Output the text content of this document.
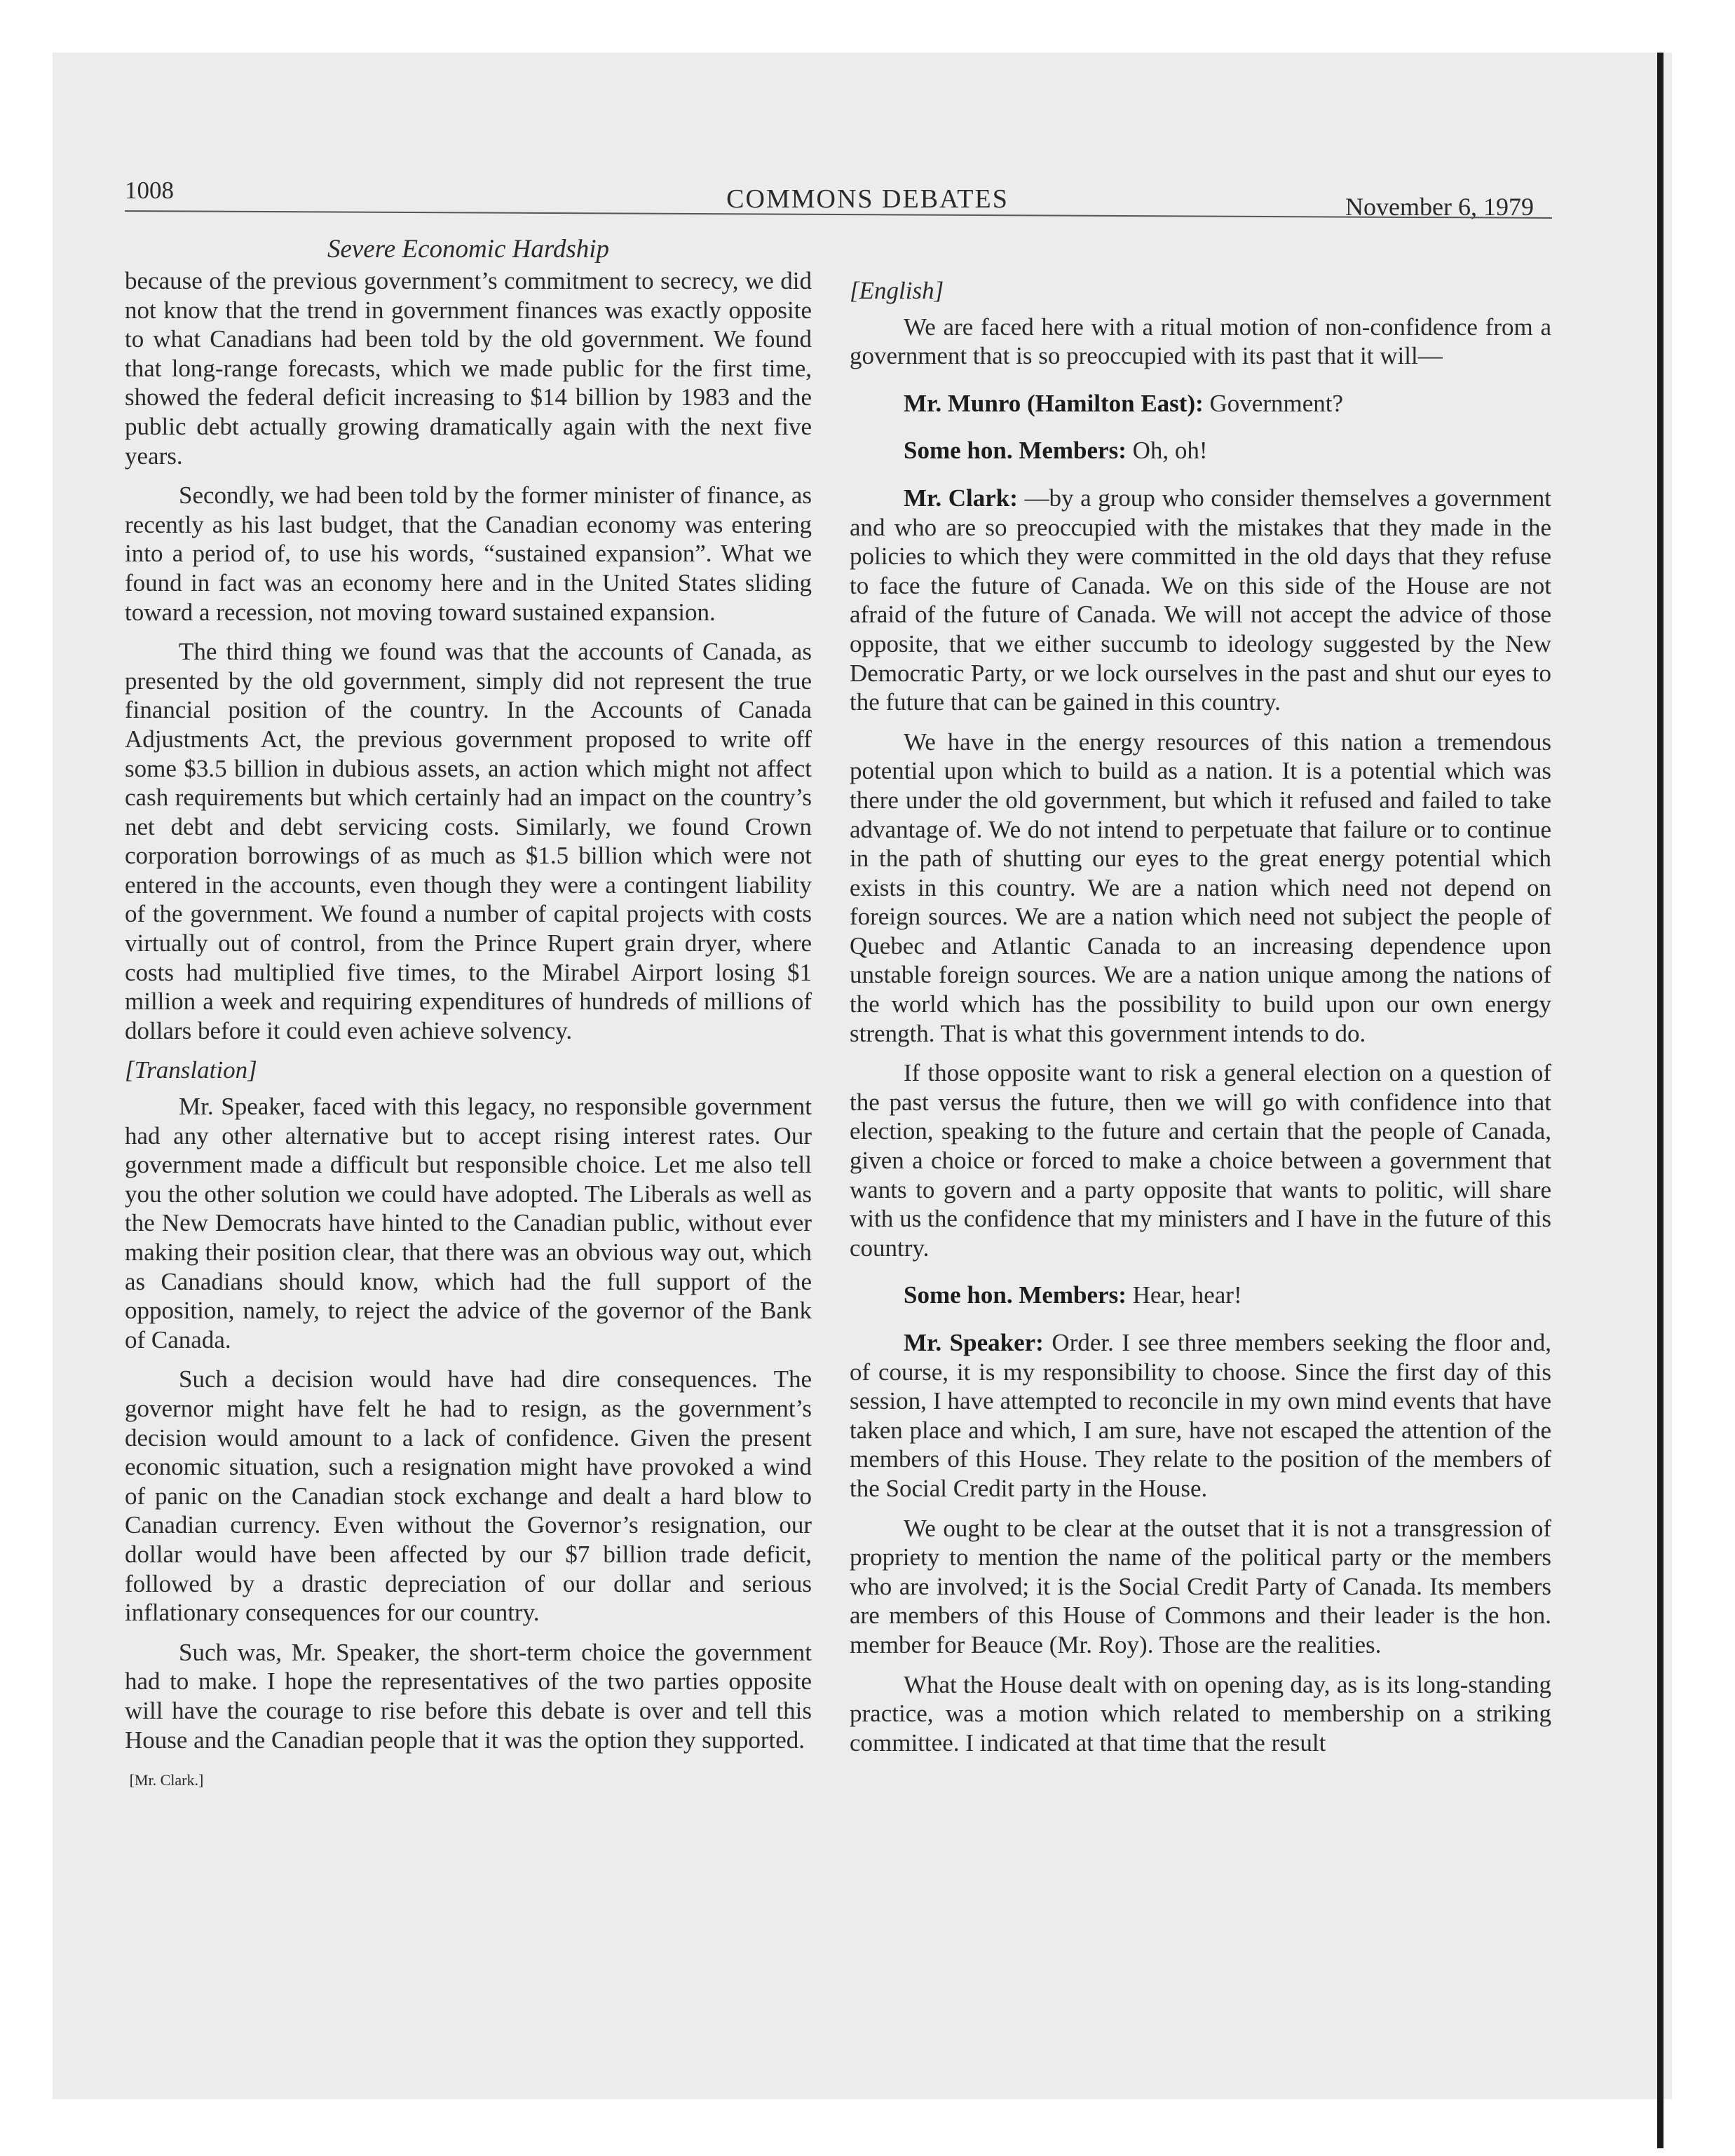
1008	COMMONS DEBATES	November 6, 1979
Severe Economic Hardship

because of the previous government’s commitment to secrecy, we did not know that the trend in government finances was exactly opposite to what Canadians had been told by the old government. We found that long-range forecasts, which we made public for the first time, showed the federal deficit increasing to $14 billion by 1983 and the public debt actually growing dramatically again with the next five years.

Secondly, we had been told by the former minister of finance, as recently as his last budget, that the Canadian economy was entering into a period of, to use his words, “sustained expansion”. What we found in fact was an economy here and in the United States sliding toward a recession, not moving toward sustained expansion.

The third thing we found was that the accounts of Canada, as presented by the old government, simply did not represent the true financial position of the country. In the Accounts of Canada Adjustments Act, the previous government proposed to write off some $3.5 billion in dubious assets, an action which might not affect cash requirements but which certainly had an impact on the country’s net debt and debt servicing costs. Similarly, we found Crown corporation borrowings of as much as $1.5 billion which were not entered in the accounts, even though they were a contingent liability of the government. We found a number of capital projects with costs virtually out of control, from the Prince Rupert grain dryer, where costs had multiplied five times, to the Mirabel Airport losing $1 million a week and requiring expenditures of hundreds of millions of dollars before it could even achieve solvency.

[Translation]

Mr. Speaker, faced with this legacy, no responsible government had any other alternative but to accept rising interest rates. Our government made a difficult but responsible choice. Let me also tell you the other solution we could have adopted. The Liberals as well as the New Democrats have hinted to the Canadian public, without ever making their position clear, that there was an obvious way out, which as Canadians should know, which had the full support of the opposition, namely, to reject the advice of the governor of the Bank of Canada.

Such a decision would have had dire consequences. The governor might have felt he had to resign, as the government’s decision would amount to a lack of confidence. Given the present economic situation, such a resignation might have provoked a wind of panic on the Canadian stock exchange and dealt a hard blow to Canadian currency. Even without the Governor’s resignation, our dollar would have been affected by our $7 billion trade deficit, followed by a drastic depreciation of our dollar and serious inflationary consequences for our country.

Such was, Mr. Speaker, the short-term choice the government had to make. I hope the representatives of the two parties opposite will have the courage to rise before this debate is over and tell this House and the Canadian people that it was the option they supported.

[Mr. Clark.]

[English]

We are faced here with a ritual motion of non-confidence from a government that is so preoccupied with its past that it will—

Mr. Munro (Hamilton East): Government?

Some hon. Members: Oh, oh!

Mr. Clark: —by a group who consider themselves a government and who are so preoccupied with the mistakes that they made in the policies to which they were committed in the old days that they refuse to face the future of Canada. We on this side of the House are not afraid of the future of Canada. We will not accept the advice of those opposite, that we either succumb to ideology suggested by the New Democratic Party, or we lock ourselves in the past and shut our eyes to the future that can be gained in this country.

We have in the energy resources of this nation a tremendous potential upon which to build as a nation. It is a potential which was there under the old government, but which it refused and failed to take advantage of. We do not intend to perpetuate that failure or to continue in the path of shutting our eyes to the great energy potential which exists in this country. We are a nation which need not depend on foreign sources. We are a nation which need not subject the people of Quebec and Atlantic Canada to an increasing dependence upon unstable foreign sources. We are a nation unique among the nations of the world which has the possibility to build upon our own energy strength. That is what this government intends to do.

If those opposite want to risk a general election on a question of the past versus the future, then we will go with confidence into that election, speaking to the future and certain that the people of Canada, given a choice or forced to make a choice between a government that wants to govern and a party opposite that wants to politic, will share with us the confidence that my ministers and I have in the future of this country.

Some hon. Members: Hear, hear!

Mr. Speaker: Order. I see three members seeking the floor and, of course, it is my responsibility to choose. Since the first day of this session, I have attempted to reconcile in my own mind events that have taken place and which, I am sure, have not escaped the attention of the members of this House. They relate to the position of the members of the Social Credit party in the House.

We ought to be clear at the outset that it is not a transgression of propriety to mention the name of the political party or the members who are involved; it is the Social Credit Party of Canada. Its members are members of this House of Commons and their leader is the hon. member for Beauce (Mr. Roy). Those are the realities.

What the House dealt with on opening day, as is its long-standing practice, was a motion which related to membership on a striking committee. I indicated at that time that the result
